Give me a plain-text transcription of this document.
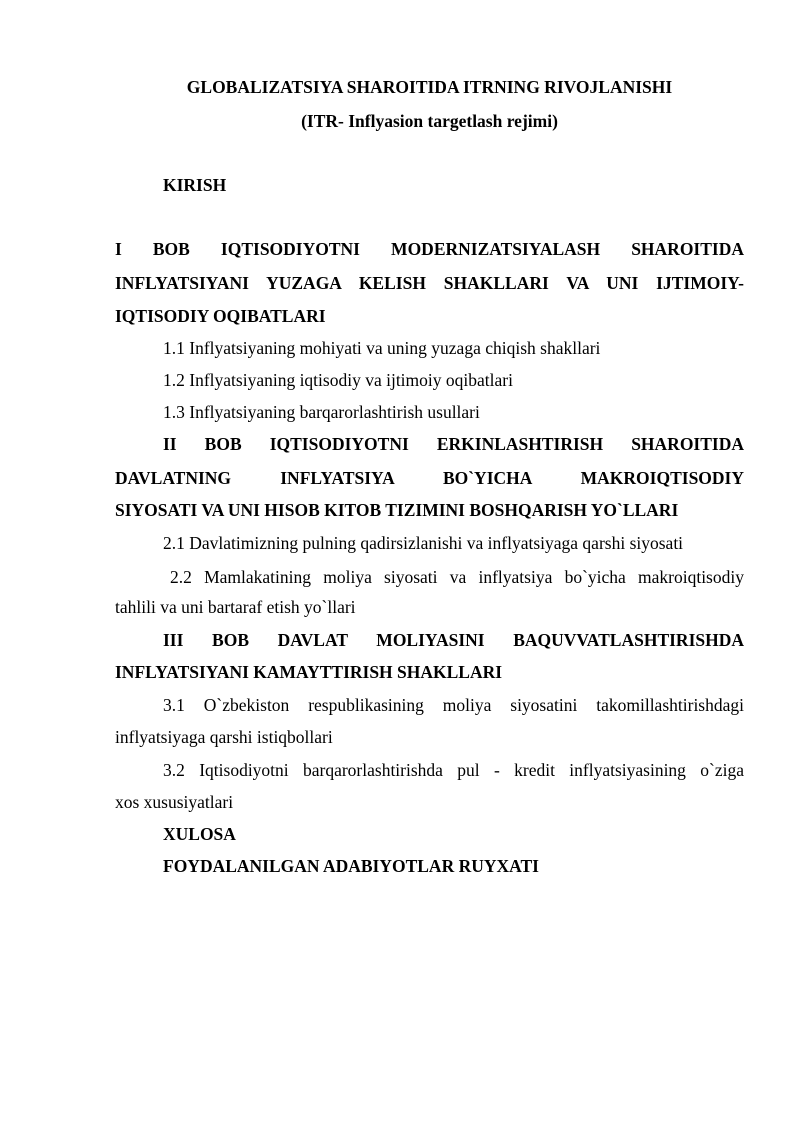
GLOBALIZATSIYA SHAROITIDA ITRNING RIVOJLANISHI
(ITR- Inflyasion targetlash rejimi)
KIRISH
I BOB IQTISODIYOTNI MODERNIZATSIYALASH SHAROITIDA
INFLYATSIYANI YUZAGA KELISH SHAKLLARI VA UNI IJTIMOIY-
IQTISODIY OQIBATLARI
1.1 Inflyatsiyaning mohiyati va uning yuzaga chiqish shakllari
1.2 Inflyatsiyaning iqtisodiy va ijtimoiy oqibatlari
1.3 Inflyatsiyaning barqarorlashtirish usullari
II BOB IQTISODIYOTNI ERKINLASHTIRISH SHAROITIDA
DAVLATNING INFLYATSIYA BO`YICHA MAKROIQTISODIY
SIYOSATI VA UNI HISOB KITOB TIZIMINI BOSHQARISH YO`LLARI
2.1 Davlatimizning pulning qadirsizlanishi va inflyatsiyaga qarshi siyosati
2.2 Mamlakatining moliya siyosati va inflyatsiya bo`yicha makroiqtisodiy
tahlili va uni bartaraf etish yo`llari
III BOB DAVLAT MOLIYASINI BAQUVVATLASHTIRISHDA
INFLYATSIYANI KAMAYTTIRISH SHAKLLARI
3.1 O`zbekiston respublikasining moliya siyosatini takomillashtirishdagi
inflyatsiyaga qarshi istiqbollari
3.2 Iqtisodiyotni barqarorlashtirishda pul - kredit inflyatsiyasining o`ziga
xos xususiyatlari
XULOSA
FOYDALANILGAN ADABIYOTLAR RUYXATI
